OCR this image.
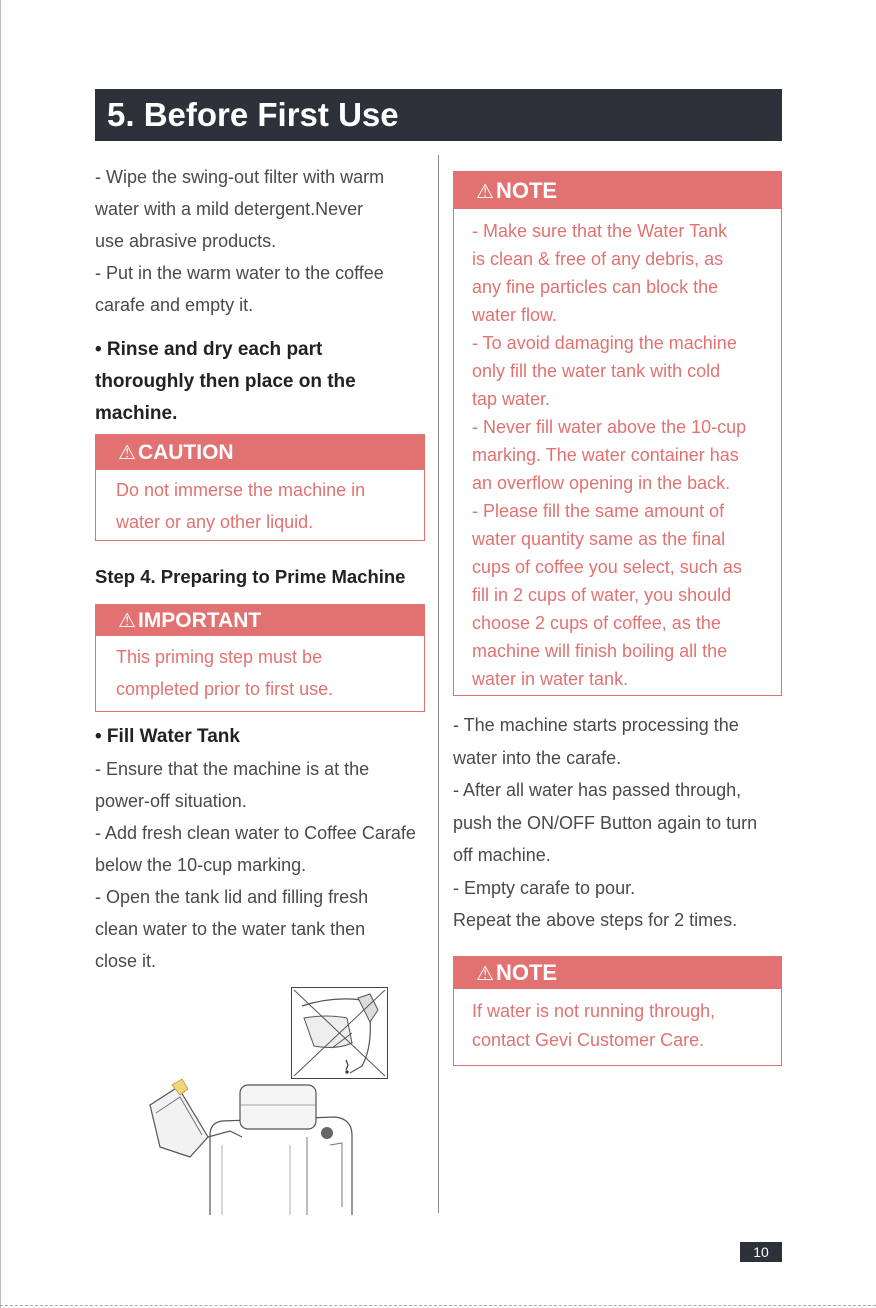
5. Before First Use

- Wipe the swing-out filter with warm

water with a mild detergent.Never

use abrasive products.

- Put in the warm water to the coffee

carafe and empty it.

• Rinse and dry each part

thoroughly then place on the

machine.

⚠CAUTION

Do not immerse the machine in

water or any other liquid.

Step 4. Preparing to Prime Machine
⚠IMPORTANT

This priming step must be

completed prior to first use.

• Fill Water Tank

- Ensure that the machine is at the

power-off situation.

- Add fresh clean water to Coffee Carafe

below the 10-cup marking.

- Open the tank lid and filling fresh

clean water to the water tank then

close it.

⚠NOTE

- Make sure that the Water Tank

is clean & free of any debris, as

any fine particles can block the

water flow.

- To avoid damaging the machine

only fill the water tank with cold

tap water.

- Never fill water above the 10-cup

marking. The water container has

an overflow opening in the back.

- Please fill the same amount of

water quantity same as the final

cups of coffee you select, such as

fill in 2 cups of water, you should

choose 2 cups of coffee, as the

machine will finish boiling all the

water in water tank.

- The machine starts processing the

water into the carafe.

- After all water has passed through,

push the ON/OFF Button again to turn

off machine.

- Empty carafe to pour.

Repeat the above steps for 2 times.

⚠NOTE

If water is not running through,

contact Gevi Customer Care.

10
